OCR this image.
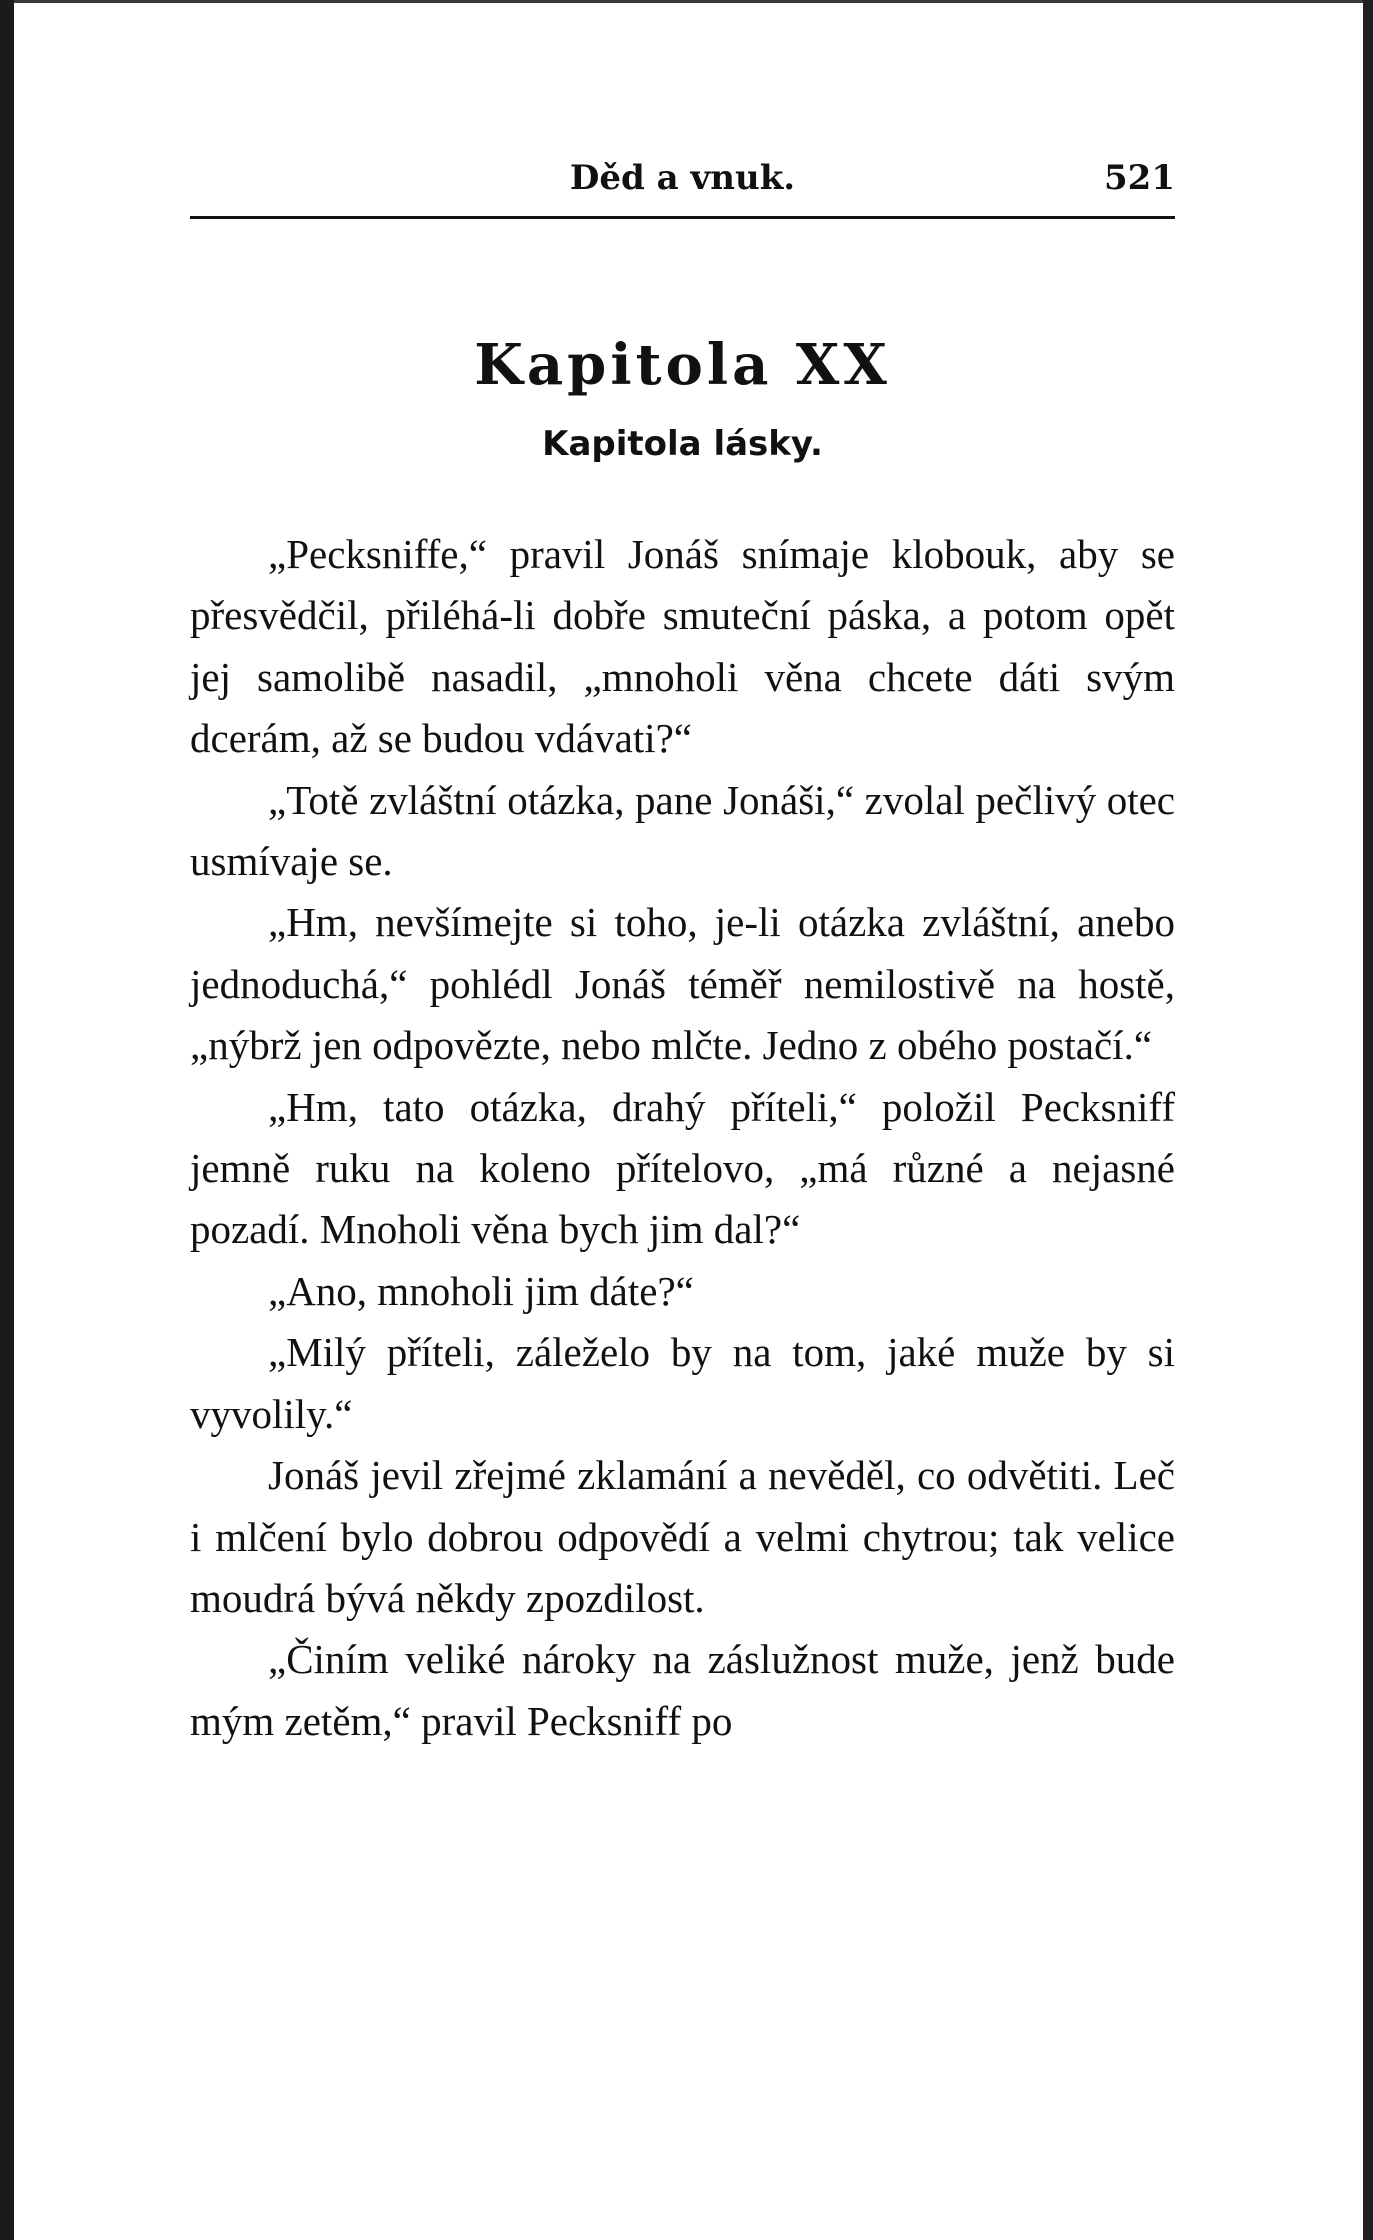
Děd a vnuk.	521
Kapitola XX
Kapitola lásky.

„Pecksniffe,“ pravil Jonáš snímaje klobouk, aby se přesvědčil, přiléhá-li dobře smuteční páska, a potom opět jej samolibě nasadil, „mnoholi věna chcete dáti svým dcerám, až se budou vdávati?“

„Totě zvláštní otázka, pane Jonáši,“ zvolal pečlivý otec usmívaje se.

„Hm, nevšímejte si toho, je-li otázka zvláštní, anebo jednoduchá,“ pohlédl Jonáš téměř nemilostivě na hostě, „nýbrž jen odpovězte, nebo mlčte. Jedno z obého postačí.“

„Hm, tato otázka, drahý příteli,“ položil Pecksniff jemně ruku na koleno přítelovo, „má různé a nejasné pozadí. Mnoholi věna bych jim dal?“

„Ano, mnoholi jim dáte?“

„Milý příteli, záleželo by na tom, jaké muže by si vyvolily.“

Jonáš jevil zřejmé zklamání a nevěděl, co odvětiti. Leč i mlčení bylo dobrou odpovědí a velmi chytrou; tak velice moudrá bývá někdy zpozdilost.

„Činím veliké nároky na záslužnost muže, jenž bude mým zetěm,“ pravil Pecksniff po
